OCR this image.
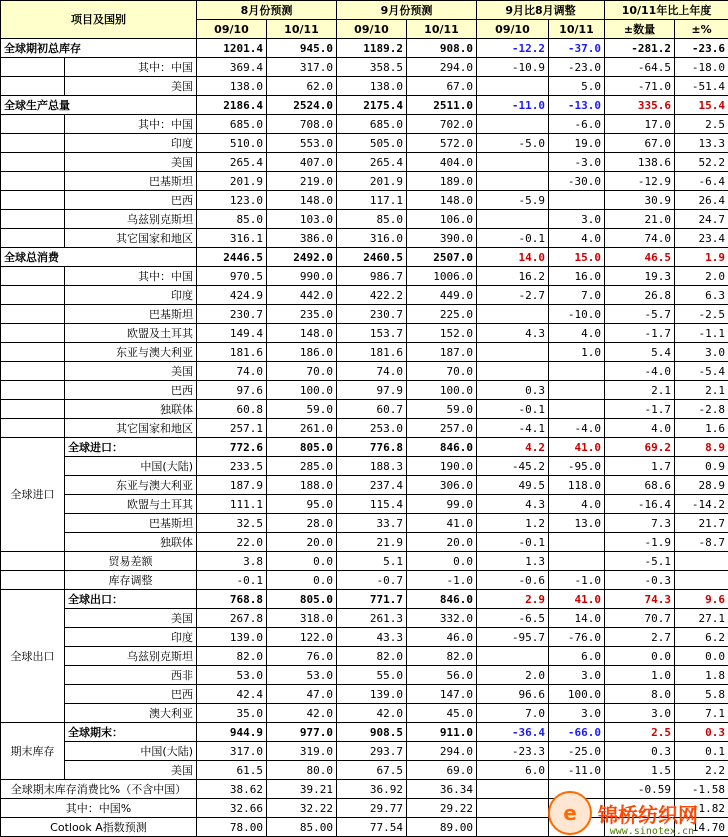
项目及国别		8月份预测		9月份预测		9月比8月调整		10/11年比上年度	
		09/10	10/11	09/10	10/11	09/10	10/11	±数量	±%
全球期初总库存		1201.4	945.0	1189.2	908.0	-12.2	-37.0	-281.2	-23.6
	其中：中国	369.4	317.0	358.5	294.0	-10.9	-23.0	-64.5	-18.0
	美国	138.0	62.0	138.0	67.0		5.0	-71.0	-51.4
全球生产总量		2186.4	2524.0	2175.4	2511.0	-11.0	-13.0	335.6	15.4
	其中：中国	685.0	708.0	685.0	702.0		-6.0	17.0	2.5
	印度	510.0	553.0	505.0	572.0	-5.0	19.0	67.0	13.3
	美国	265.4	407.0	265.4	404.0		-3.0	138.6	52.2
	巴基斯坦	201.9	219.0	201.9	189.0		-30.0	-12.9	-6.4
	巴西	123.0	148.0	117.1	148.0	-5.9		30.9	26.4
	乌兹别克斯坦	85.0	103.0	85.0	106.0		3.0	21.0	24.7
	其它国家和地区	316.1	386.0	316.0	390.0	-0.1	4.0	74.0	23.4
全球总消费		2446.5	2492.0	2460.5	2507.0	14.0	15.0	46.5	1.9
	其中：中国	970.5	990.0	986.7	1006.0	16.2	16.0	19.3	2.0
	印度	424.9	442.0	422.2	449.0	-2.7	7.0	26.8	6.3
	巴基斯坦	230.7	235.0	230.7	225.0		-10.0	-5.7	-2.5
	欧盟及土耳其	149.4	148.0	153.7	152.0	4.3	4.0	-1.7	-1.1
	东亚与澳大利亚	181.6	186.0	181.6	187.0		1.0	5.4	3.0
	美国	74.0	70.0	74.0	70.0			-4.0	-5.4
	巴西	97.6	100.0	97.9	100.0	0.3		2.1	2.1
	独联体	60.8	59.0	60.7	59.0	-0.1		-1.7	-2.8
	其它国家和地区	257.1	261.0	253.0	257.0	-4.1	-4.0	4.0	1.6
全球进口	全球进口：	772.6	805.0	776.8	846.0	4.2	41.0	69.2	8.9
	中国(大陆)	233.5	285.0	188.3	190.0	-45.2	-95.0	1.7	0.9
	东亚与澳大利亚	187.9	188.0	237.4	306.0	49.5	118.0	68.6	28.9
	欧盟与土耳其	111.1	95.0	115.4	99.0	4.3	4.0	-16.4	-14.2
	巴基斯坦	32.5	28.0	33.7	41.0	1.2	13.0	7.3	21.7
	独联体	22.0	20.0	21.9	20.0	-0.1		-1.9	-8.7
	贸易差额	3.8	0.0	5.1	0.0	1.3		-5.1	
	库存调整	-0.1	0.0	-0.7	-1.0	-0.6	-1.0	-0.3	
全球出口	全球出口：	768.8	805.0	771.7	846.0	2.9	41.0	74.3	9.6
	美国	267.8	318.0	261.3	332.0	-6.5	14.0	70.7	27.1
	印度	139.0	122.0	43.3	46.0	-95.7	-76.0	2.7	6.2
	乌兹别克斯坦	82.0	76.0	82.0	82.0		6.0	0.0	0.0
	西非	53.0	53.0	55.0	56.0	2.0	3.0	1.0	1.8
	巴西	42.4	47.0	139.0	147.0	96.6	100.0	8.0	5.8
	澳大利亚	35.0	42.0	42.0	45.0	7.0	3.0	3.0	7.1
期末库存	全球期末：	944.9	977.0	908.5	911.0	-36.4	-66.0	2.5	0.3
	中国(大陆)	317.0	319.0	293.7	294.0	-23.3	-25.0	0.3	0.1
	美国	61.5	80.0	67.5	69.0	6.0	-11.0	1.5	2.2
全球期末库存消费比%（不含中国）		38.62	39.21	36.92	36.34			-0.59	-1.58
其中：中国%		32.66	32.22	29.77	29.22				-1.82
Cotlook A指数预测		78.00	85.00	77.54	89.00				14.70
e	锦桥纺织网
www.sinotex.cn
